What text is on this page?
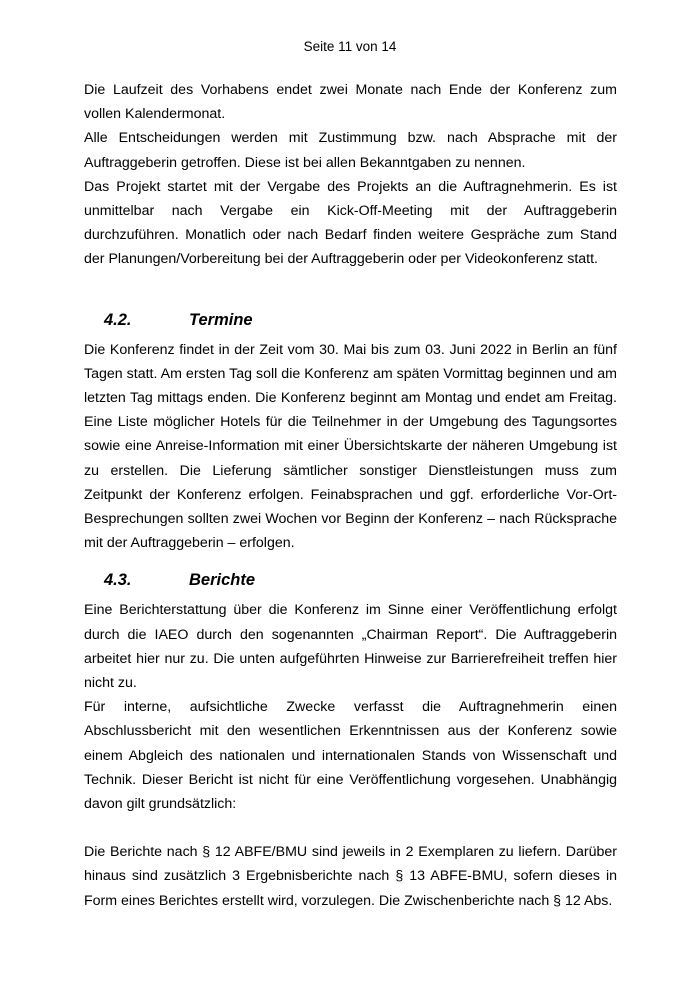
Seite 11 von 14

Die Laufzeit des Vorhabens endet zwei Monate nach Ende der Konferenz zum vollen Kalendermonat.

Alle Entscheidungen werden mit Zustimmung bzw. nach Absprache mit der Auftraggeberin getroffen. Diese ist bei allen Bekanntgaben zu nennen.

Das Projekt startet mit der Vergabe des Projekts an die Auftragnehmerin. Es ist unmittelbar nach Vergabe ein Kick-Off-Meeting mit der Auftraggeberin durchzuführen. Monatlich oder nach Bedarf finden weitere Gespräche zum Stand der Planungen/Vorbereitung bei der Auftraggeberin oder per Videokonferenz statt.

4.2.	Termine

Die Konferenz findet in der Zeit vom 30. Mai bis zum 03. Juni 2022 in Berlin an fünf Tagen statt. Am ersten Tag soll die Konferenz am späten Vormittag beginnen und am letzten Tag mittags enden. Die Konferenz beginnt am Montag und endet am Freitag. Eine Liste möglicher Hotels für die Teilnehmer in der Umgebung des Tagungsortes sowie eine Anreise-Information mit einer Übersichtskarte der näheren Umgebung ist zu erstellen. Die Lieferung sämtlicher sonstiger Dienstleistungen muss zum Zeitpunkt der Konferenz erfolgen. Feinabsprachen und ggf. erforderliche Vor-Ort-Besprechungen sollten zwei Wochen vor Beginn der Konferenz – nach Rücksprache mit der Auftraggeberin – erfolgen.

4.3.	Berichte

Eine Berichterstattung über die Konferenz im Sinne einer Veröffentlichung erfolgt durch die IAEO durch den sogenannten „Chairman Report“. Die Auftraggeberin arbeitet hier nur zu. Die unten aufgeführten Hinweise zur Barrierefreiheit treffen hier nicht zu.

Für interne, aufsichtliche Zwecke verfasst die Auftragnehmerin einen Abschlussbericht mit den wesentlichen Erkenntnissen aus der Konferenz sowie einem Abgleich des nationalen und internationalen Stands von Wissenschaft und Technik. Dieser Bericht ist nicht für eine Veröffentlichung vorgesehen. Unabhängig davon gilt grundsätzlich:

Die Berichte nach § 12 ABFE/BMU sind jeweils in 2 Exemplaren zu liefern. Darüber hinaus sind zusätzlich 3 Ergebnisberichte nach § 13 ABFE-BMU, sofern dieses in Form eines Berichtes erstellt wird, vorzulegen. Die Zwischenberichte nach § 12 Abs.
